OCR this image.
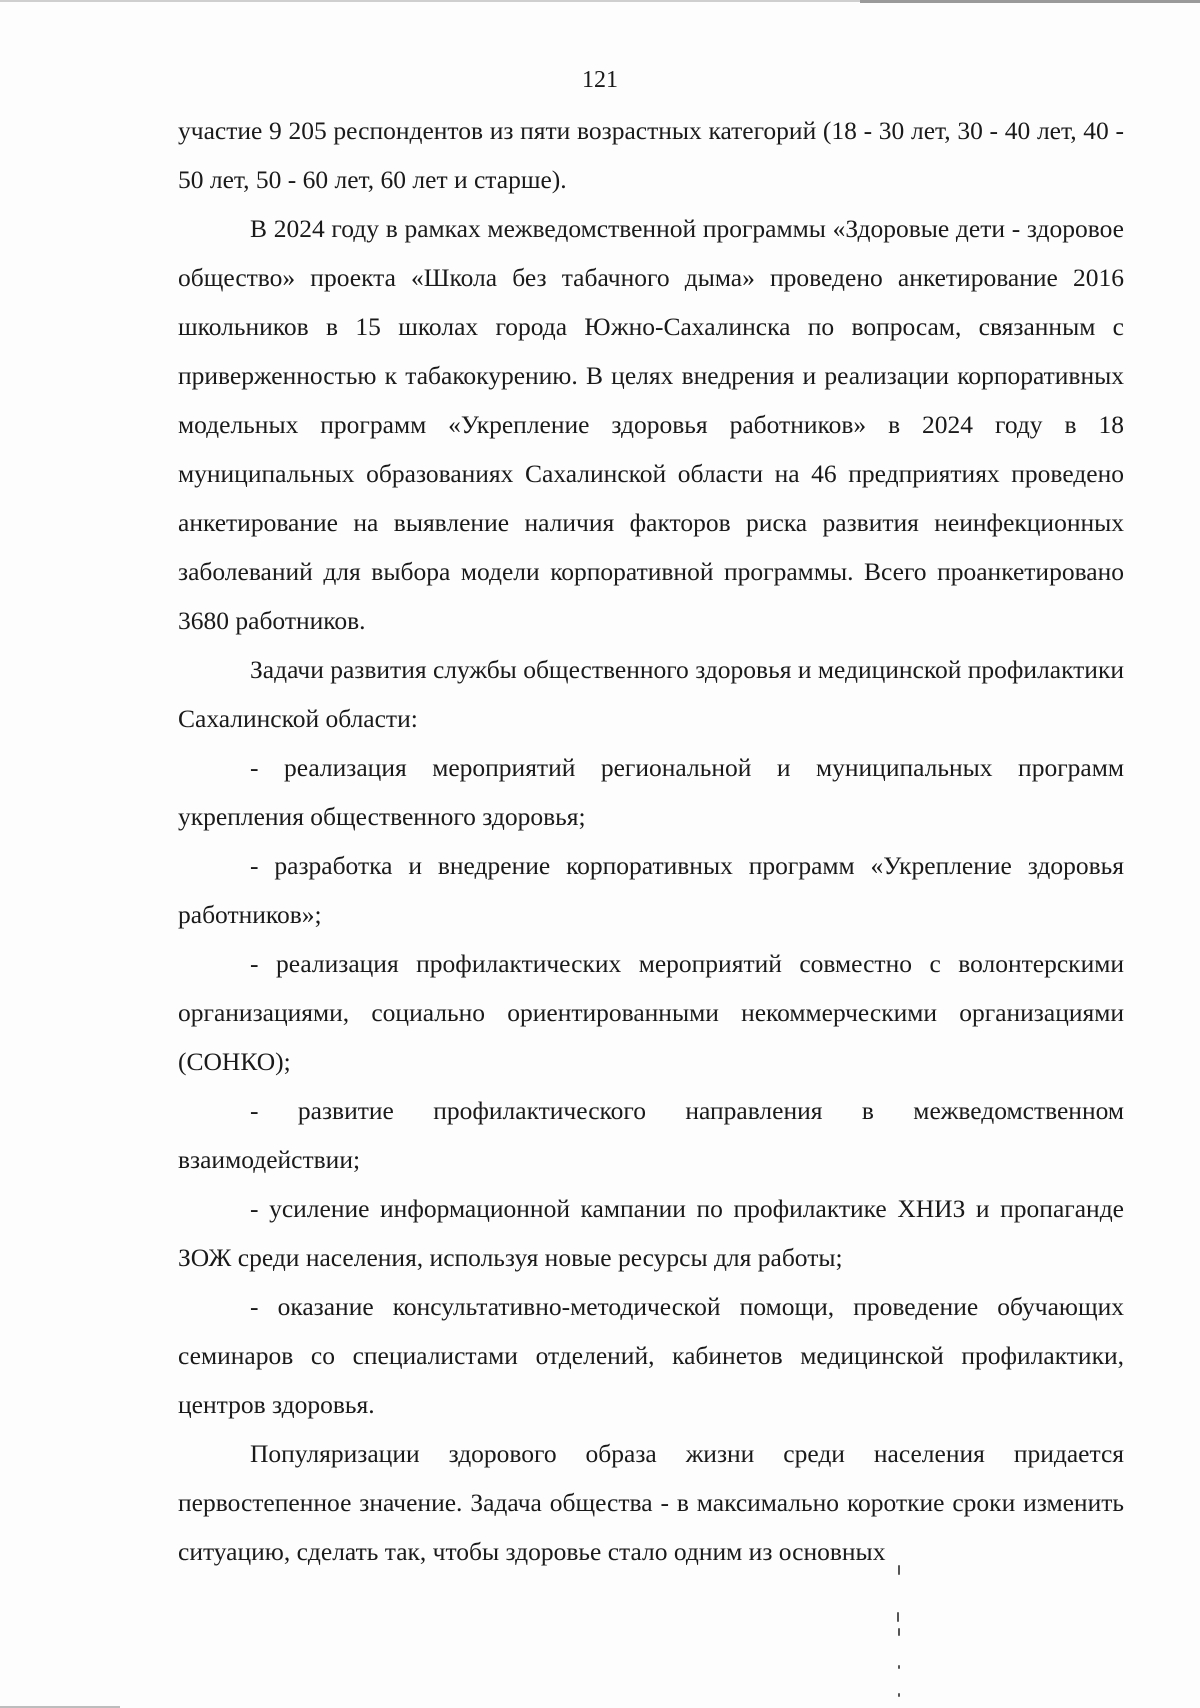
121

участие 9 205 респондентов из пяти возрастных категорий (18 - 30 лет, 30 - 40 лет, 40 - 50 лет, 50 - 60 лет, 60 лет и старше).

В 2024 году в рамках межведомственной программы «Здоровые дети - здоровое общество» проекта «Школа без табачного дыма» проведено анкетирование 2016 школьников в 15 школах города Южно-Сахалинска по вопросам, связанным с приверженностью к табакокурению. В целях внедрения и реализации корпоративных модельных программ «Укрепление здоровья работников» в 2024 году в 18 муниципальных образованиях Сахалинской области на 46 предприятиях проведено анкетирование на выявление наличия факторов риска развития неинфекционных заболеваний для выбора модели корпоративной программы. Всего проанкетировано 3680 работников.

Задачи развития службы общественного здоровья и медицинской профилактики Сахалинской области:

- реализация мероприятий региональной и муниципальных программ укрепления общественного здоровья;

- разработка и внедрение корпоративных программ «Укрепление здоровья работников»;

- реализация профилактических мероприятий совместно с волонтерскими организациями, социально ориентированными некоммерческими организациями (СОНКО);

- развитие профилактического направления в межведомственном взаимодействии;

- усиление информационной кампании по профилактике ХНИЗ и пропаганде ЗОЖ среди населения, используя новые ресурсы для работы;

- оказание консультативно-методической помощи, проведение обучающих семинаров со специалистами отделений, кабинетов медицинской профилактики, центров здоровья.

Популяризации здорового образа жизни среди населения придается первостепенное значение. Задача общества - в максимально короткие сроки изменить ситуацию, сделать так, чтобы здоровье стало одним из основных
